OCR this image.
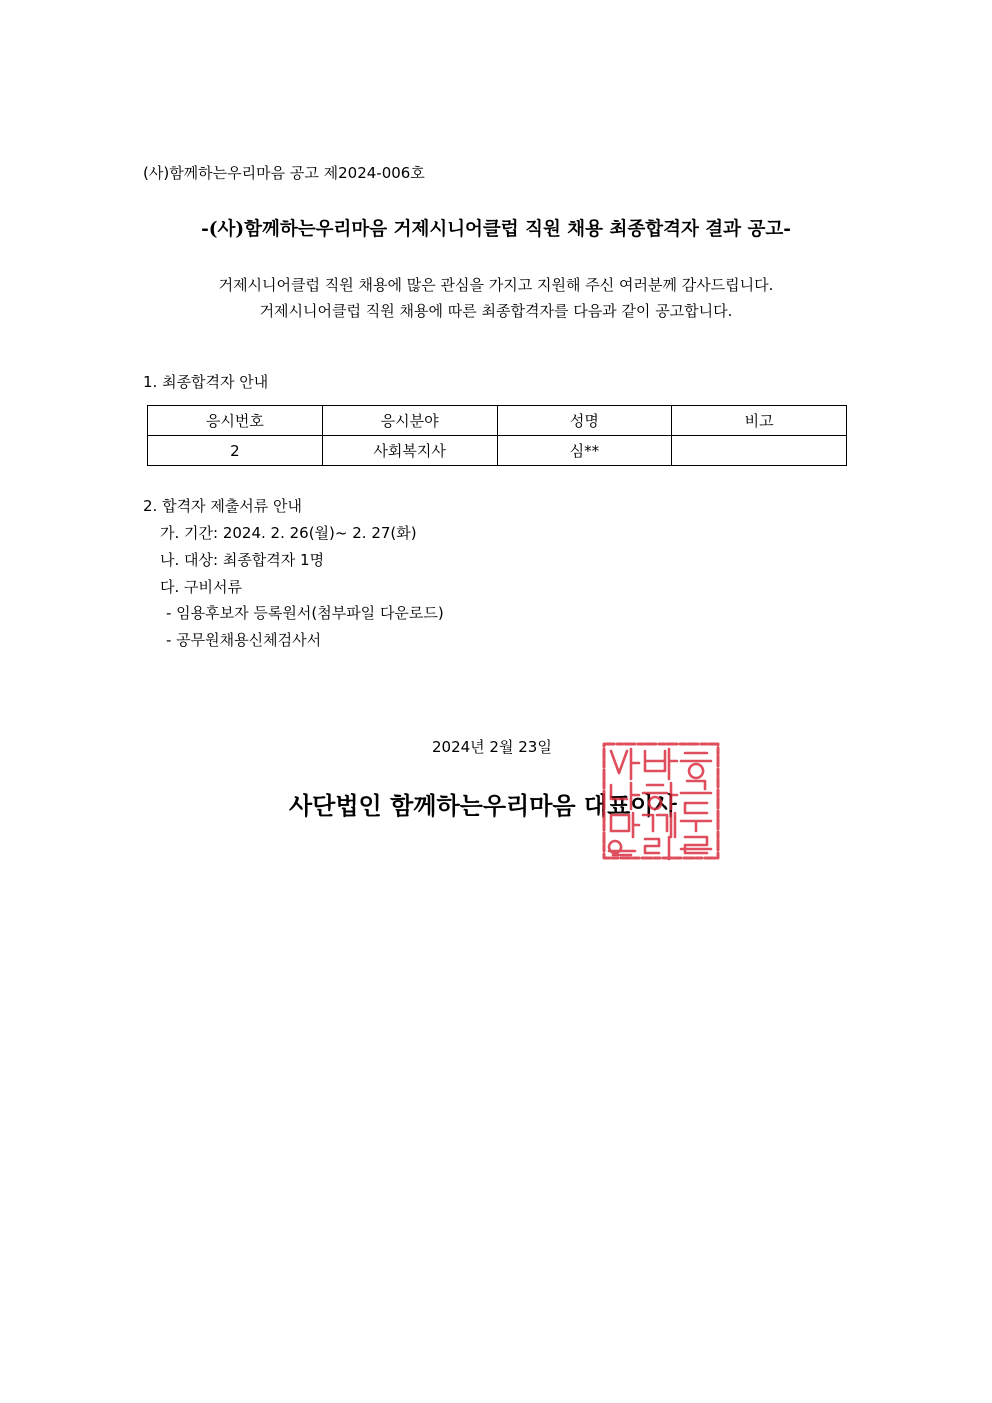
(사)함께하는우리마음 공고 제2024-006호
-(사)함께하는우리마음 거제시니어클럽 직원 채용 최종합격자 결과 공고-
거제시니어클럽 직원 채용에 많은 관심을 가지고 지원해 주신 여러분께 감사드립니다.
거제시니어클럽 직원 채용에 따른 최종합격자를 다음과 같이 공고합니다.
1. 최종합격자 안내
응시번호	응시분야	성명	비고
2	사회복지사	심**	
2. 합격자 제출서류 안내
가. 기간: 2024. 2. 26(월)~ 2. 27(화)
나. 대상: 최종합격자 1명
다. 구비서류
- 임용후보자 등록원서(첨부파일 다운로드)
- 공무원채용신체검사서
2024년 2월 23일
사단법인 함께하는우리마음 대표이사
